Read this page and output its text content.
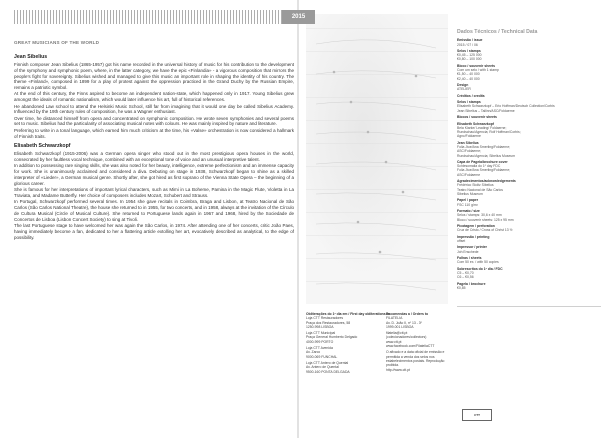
2015
GREAT MUSICIANS OF THE WORLD
Jean Sibelius

Finnish composer Jean Sibelius (1865-1957) got his name recorded in the universal history of music for his contribution to the development of the symphony and symphonic poem, where, in the latter category, we have the epic «Finlandia» - a vigorous composition that mirrors the people’s fight for sovereignty. Sibelius wished and managed to give this music an important role in shaping the identity of his country. The theme «Finland», composed in 1899 for a play of protest against the oppression practiced in the Grand Duchy by the Russian Empire, remains a patriotic symbol.

At the end of this century, the Finns aspired to become an independent nation-state, which happened only in 1917. Young Sibelius grew amongst the ideals of romantic nationalism, which would later influence his art, full of historical references.

He abandoned Law school to attend the Helsinki Music School, still far from imagining that it would one day be called Sibelius Academy. Influenced by the 19th century rules of composition, he was a Wagner enthusiast.

Over time, he distanced himself from opera and concentrated on symphonic composition. He wrote seven symphonies and several poems set to music. Sibelius had the particularity of associating musical notes with colours. He was mainly inspired by nature and literature.

Preferring to write in a tonal language, which earned him much criticism at the time, his «Valse» orchestration is now considered a hallmark of Finnish traits.

Elisabeth Schwarzkopf

Elisabeth Schwarzkopf (1915-2006) was a German opera singer who stood out in the most prestigious opera houses in the world, consecrated by her faultless vocal technique, combined with an exceptional tone of voice and an unusual interpretive talent.

In addition to possessing rare singing skills, she was also noted for her beauty, intelligence, extreme perfectionism and an immense capacity for work. She is unanimously acclaimed and considered a diva. Debuting on stage in 1938, Schwarzkopf began to shine as a skilled interpreter of «Lieder», a German musical genre. Shortly after, she got hired as first soprano of the Vienna State Opera – the beginning of a glorious career.

She is famous for her interpretations of important lyrical characters, such as Mimi in La Boheme, Pamina in the Magic Flute, Violetta in La Traviata, and Madame Butterfly. Her choice of composers includes Mozart, Schubert and Strauss.

In Portugal, Schwarzkopf performed several times. In 1954 she gave recitals in Coimbra, Braga and Lisbon, at Teatro Nacional de São Carlos (São Carlos National Theatre), the house she returned to in 1955, for two concerts, and in 1958, always at the invitation of the Círculo de Cultura Musical (Circle of Musical Culture). She returned to Portuguese lands again in 1967 and 1968, hired by the Sociedade de Concertos de Lisboa (Lisbon Concert Society) to sing at Tivoli.

The last Portuguese stage to have welcomed her was again the São Carlos, in 1974. After attending one of her concerts, critic João Paes, having immediately become a fan, dedicated to her a flattering article extolling her art, evocatively described as analytical, to the edge of possibility.

Dados Técnicos / Technical Data
Emissão / issue
2015 / 07 / 06
Selos / stamps
€0,45 – 125 000
€0,80 – 100 000
Bloco / souvenir sheets
Com um selo / with 1 stamp
€1,50 – 40 000
€2,40 – 40 000
Design
ATELIER
Créditos / credits
Selos / stamps
Elisabeth Schwarzkopf – Erio Hoffman/Deutsch Collection/Corbis
Jean Sibelius – Tallinn/ASC/Foldaerne
Blocos / souvenir sheets
Elisabeth Schwarzkopf
Bela Klarke/ Leading/ Foldaerne;
Rundschau/Agencia; Rolf Hoffman/Corbis;
Agnc/Foldaerne
Jean Sibelius
Folia Jtue/Ana Smerling/Foldaerne;
ASC/Foldaerne;
Rundschau/Agencia; Sibelius Museum
Capa de Pagela/brochure cover
Schlesomalia do 1º day FDC
Folia Jtue/Ana Smerling/Foldaerne;
ASC/Foldaerne
Agradecimentos/acknowledgements
Frédérico Stoltz Sibelius
Teatro Nacional de São Carlos
Sibelius Museum
Papel / paper
FSC 110 g/m²
Formato / size
Selos / stamps: 30,6 x 40 mm
Bloco / souvenir sheets: 125 x 95 mm
Picotagem / perforation
Cruz de Cristo / Cross of Christ 13 ½
Impressão / printing
offset
Impressor / printer
Joh Enschede
Folhas / sheets
Com 50 ex. / with 50 copies
Sobrescritos do 1º dia / FDC
C5 – €0,70
C6 – €0,56
Pagela / brochure
€0,85
Obliterações do 1º dia em / First day obliterations in
Loja CTT Restauradores
Praça dos Restauradores, 58
1250-998 LISBOA

Loja CTT Municipal
Praça General Humberto Delgado
4000-999 PORTO

Loja CTT Avenida
Av. Zarco
9000-069 FUNCHAL

Loja CTT Antero de Quental
Av. Antero de Quental
9500-160 PONTA DELGADA
Encomendas a / Orders to
FILATELIA
Av. D. João II, nº 13 - 3º
1999-001 LISBOA

filatelia@ctt.pt
(colecionadores/collectors)
www.ctt.pt
www.facebook.com/FilateliaCTT

O afixado e a data oficial de emissão e permitida a venda dos selos nos estabelecimentos postais. Reprodução proibida.
http://www.ctt.pt
CTT
